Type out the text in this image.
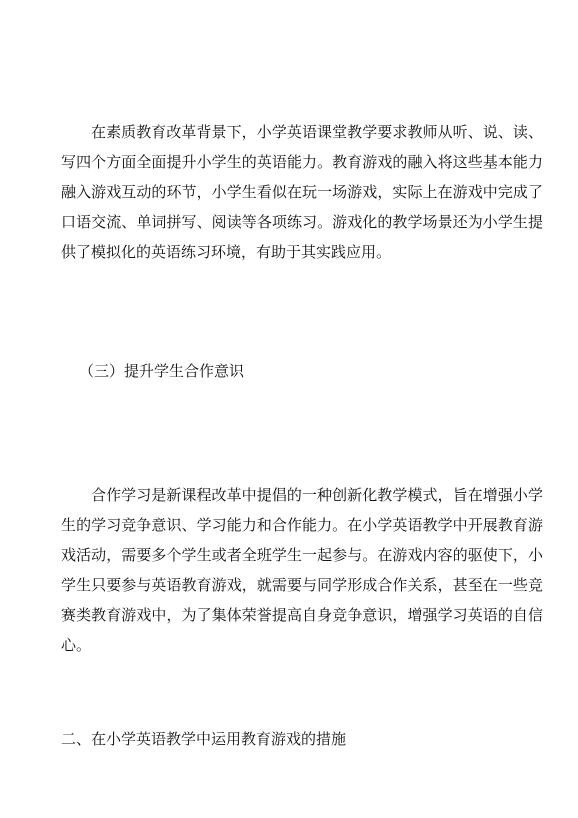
在素质教育改革背景下，小学英语课堂教学要求教师从听、说、读、写四个方面全面提升小学生的英语能力。教育游戏的融入将这些基本能力融入游戏互动的环节，小学生看似在玩一场游戏，实际上在游戏中完成了口语交流、单词拼写、阅读等各项练习。游戏化的教学场景还为小学生提供了模拟化的英语练习环境，有助于其实践应用。

（三）提升学生合作意识

合作学习是新课程改革中提倡的一种创新化教学模式，旨在增强小学生的学习竞争意识、学习能力和合作能力。在小学英语教学中开展教育游戏活动，需要多个学生或者全班学生一起参与。在游戏内容的驱使下，小学生只要参与英语教育游戏，就需要与同学形成合作关系，甚至在一些竞赛类教育游戏中，为了集体荣誉提高自身竞争意识，增强学习英语的自信心。

二、在小学英语教学中运用教育游戏的措施
